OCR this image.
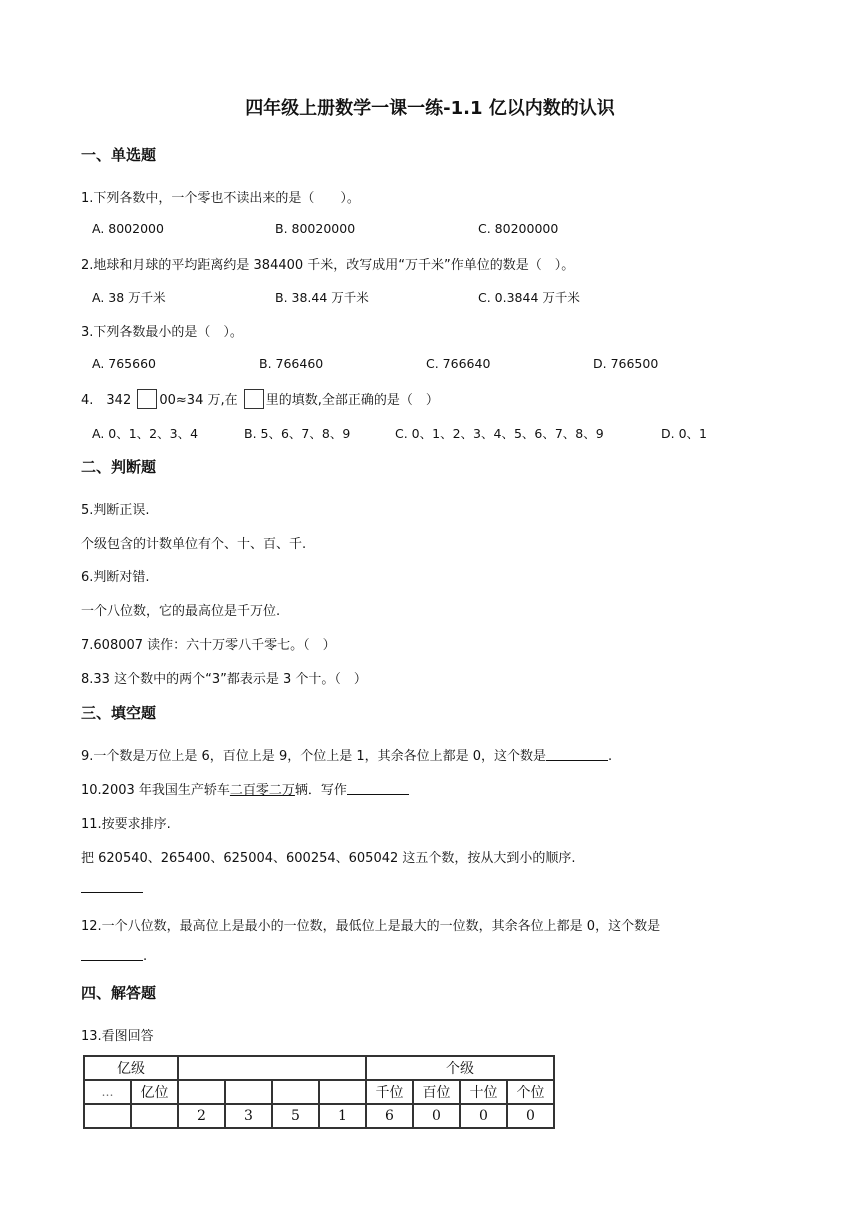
四年级上册数学一课一练-1.1 亿以内数的认识
一、单选题
1.下列各数中，一个零也不读出来的是（　　）。
A. 8002000	B. 80020000	C. 80200000
2.地球和月球的平均距离约是 384400 千米，改写成用“万千米”作单位的数是（　）。
A. 38 万千米	B. 38.44 万千米	C. 0.3844 万千米
3.下列各数最小的是（　）。
A. 765660	B. 766460	C. 766640	D. 766500
4.　342 00≈34 万,在 里的填数,全部正确的是（　）
A. 0、1、2、3、4	B. 5、6、7、8、9	C. 0、1、2、3、4、5、6、7、8、9	D. 0、1
二、判断题
5.判断正误.
个级包含的计数单位有个、十、百、千.
6.判断对错.
一个八位数，它的最高位是千万位.
7.608007 读作：六十万零八千零七。（　）
8.33 这个数中的两个“3”都表示是 3 个十。（　）
三、填空题
9.一个数是万位上是 6，百位上是 9，个位上是 1，其余各位上都是 0，这个数是	.
10.2003 年我国生产轿车二百零二万辆．写作
11.按要求排序.
把 620540、265400、625004、600254、605042 这五个数，按从大到小的顺序.
12.一个八位数，最高位上是最小的一位数，最低位上是最大的一位数，其余各位上都是 0，这个数是
.
四、解答题
13.看图回答
亿级						个级			
…	亿位					千位	百位	十位	个位
		2	3	5	1	6	0	0	0
